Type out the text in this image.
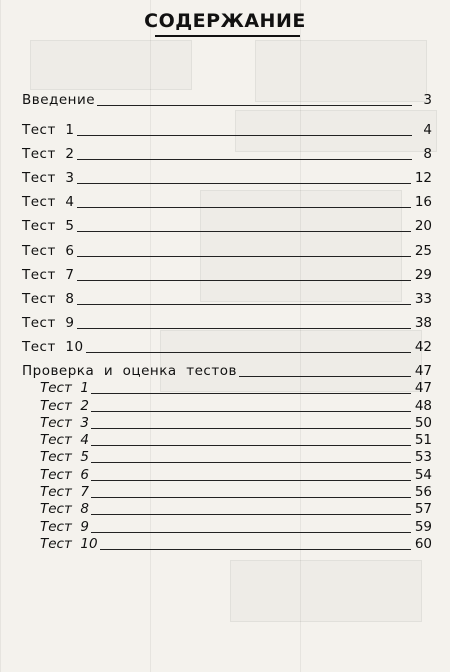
СОДЕРЖАНИЕ
Введение	3
Тест  1	4
Тест  2	8
Тест  3	12
Тест  4	16
Тест  5	20
Тест  6	25
Тест  7	29
Тест  8	33
Тест  9	38
Тест  10	42
Проверка  и  оценка  тестов	47
Тест  1	47
Тест  2	48
Тест  3	50
Тест  4	51
Тест  5	53
Тест  6	54
Тест  7	56
Тест  8	57
Тест  9	59
Тест  10	60
